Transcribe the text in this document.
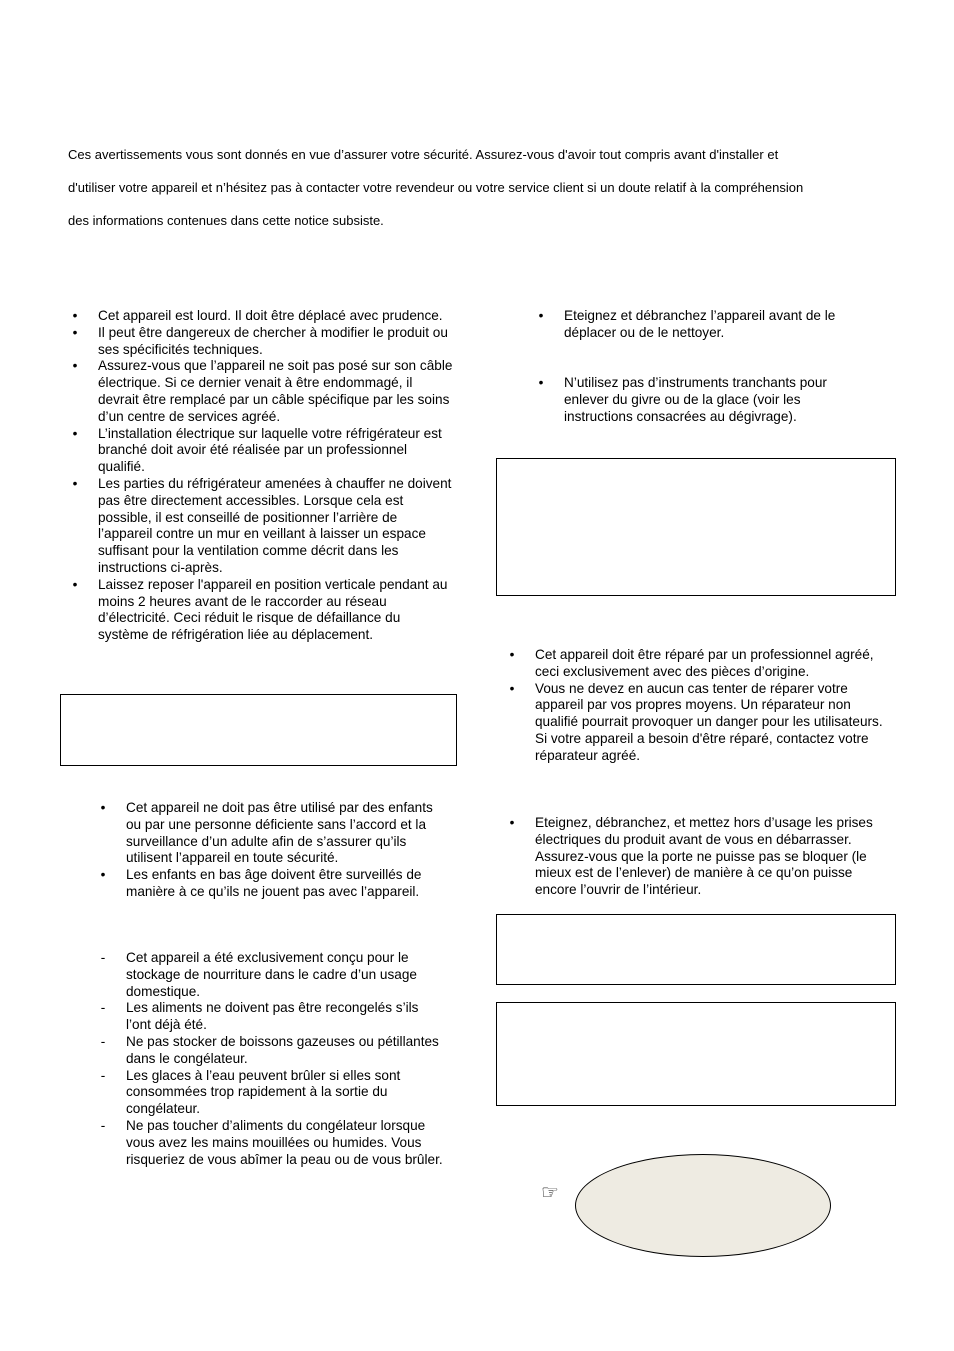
Ces avertissements vous sont donnés en vue d’assurer votre sécurité. Assurez-vous d'avoir tout compris avant d'installer et

d'utiliser votre appareil et n’hésitez pas à contacter votre revendeur ou votre service client si un doute relatif à la compréhension

des informations contenues dans cette notice subsiste.

•	Cet appareil est lourd. Il doit être déplacé avec prudence.
•	Il peut être dangereux de chercher à modifier le produit ou ses spécificités techniques.
•	Assurez-vous que l’appareil ne soit pas posé sur son câble électrique. Si ce dernier venait à être endommagé, il devrait être remplacé par un câble spécifique par les soins d’un centre de services agréé.
•	L’installation électrique sur laquelle votre réfrigérateur est branché doit avoir été réalisée par un professionnel qualifié.
•	Les parties du réfrigérateur amenées à chauffer ne doivent pas être directement accessibles. Lorsque cela est possible, il est conseillé de positionner l’arrière de l’appareil contre un mur en veillant à laisser un espace suffisant pour la ventilation comme décrit dans les instructions ci-après.
•	Laissez reposer l'appareil en position verticale pendant au moins 2 heures avant de le raccorder au réseau d’électricité. Ceci réduit le risque de défaillance du système de réfrigération liée au déplacement.
•	Cet appareil ne doit pas être utilisé par des enfants ou par une personne déficiente sans l’accord et la surveillance d’un adulte afin de s’assurer qu’ils utilisent l’appareil en toute sécurité.
•	Les enfants en bas âge doivent être surveillés de manière à ce qu’ils ne jouent pas avec l’appareil.
-	Cet appareil a été exclusivement conçu pour le stockage de nourriture dans le cadre d’un usage domestique.
-	Les aliments ne doivent pas être recongelés s’ils l’ont déjà été.
-	Ne pas stocker de boissons gazeuses ou pétillantes dans le congélateur.
-	Les glaces à l’eau peuvent brûler si elles sont consommées trop rapidement à la sortie du congélateur.
-	Ne pas toucher d’aliments du congélateur lorsque vous avez les mains mouillées ou humides. Vous risqueriez de vous abîmer la peau ou de vous brûler.
•	Eteignez et débranchez l’appareil avant de le déplacer ou de le nettoyer.
•	N’utilisez pas d’instruments tranchants pour enlever du givre ou de la glace (voir les instructions consacrées au dégivrage).
•	Cet appareil doit être réparé par un professionnel agréé, ceci exclusivement avec des pièces d’origine.
•	Vous ne devez en aucun cas tenter de réparer votre appareil par vos propres moyens. Un réparateur non qualifié pourrait provoquer un danger pour les utilisateurs. Si votre appareil a besoin d'être réparé, contactez votre réparateur agréé.
•	Eteignez, débranchez, et mettez hors d’usage les prises électriques du produit avant de vous en débarrasser. Assurez-vous que la porte ne puisse pas se bloquer (le mieux est de l’enlever) de manière à ce qu’on puisse encore l’ouvrir de l’intérieur.
☞
